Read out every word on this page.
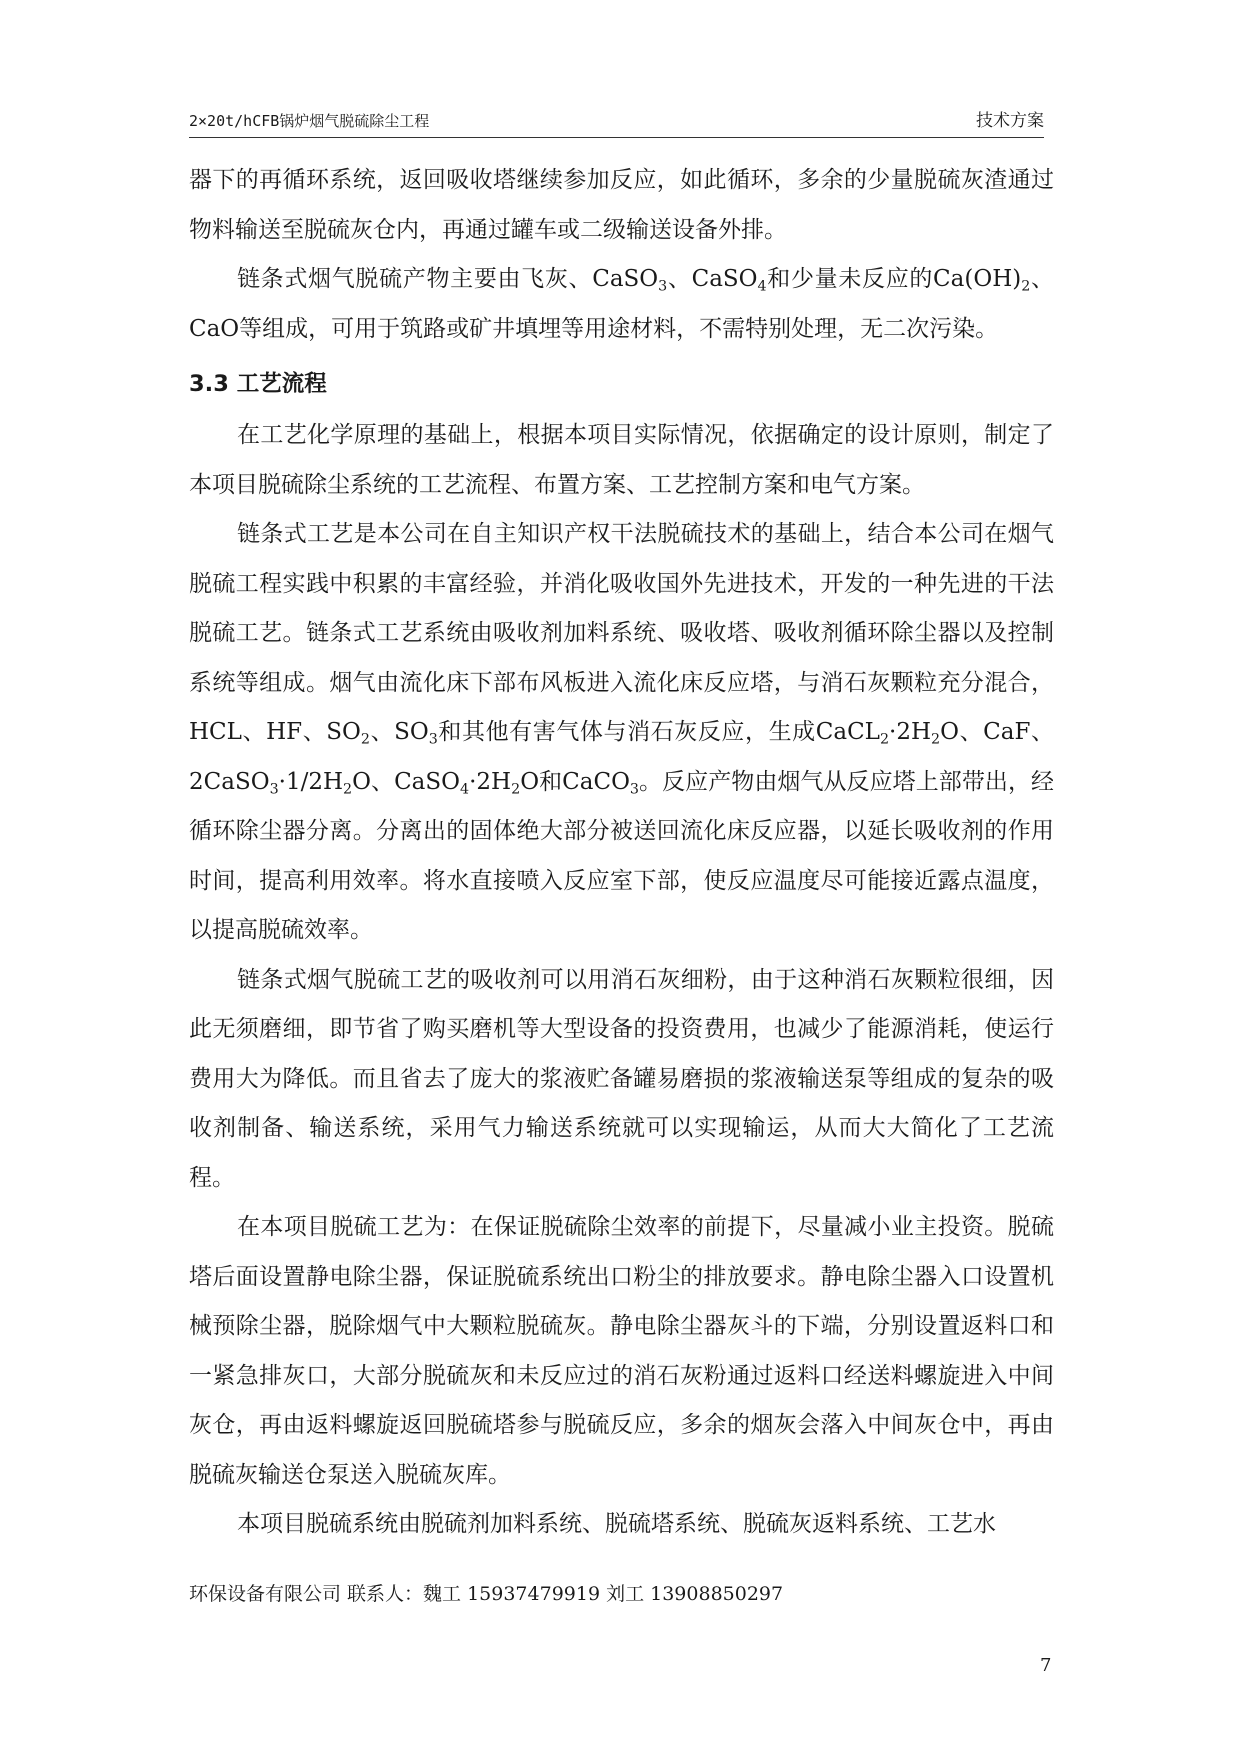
2×20t/hCFB锅炉烟气脱硫除尘工程	技术方案

器下的再循环系统，返回吸收塔继续参加反应，如此循环，多余的少量脱硫灰渣通过物料输送至脱硫灰仓内，再通过罐车或二级输送设备外排。

链条式烟气脱硫产物主要由飞灰、CaSO$_3$、CaSO$_4$和少量未反应的$Ca(OH)_2$、CaO等组成，可用于筑路或矿井填埋等用途材料，不需特别处理，无二次污染。

3.3 工艺流程

在工艺化学原理的基础上，根据本项目实际情况，依据确定的设计原则，制定了本项目脱硫除尘系统的工艺流程、布置方案、工艺控制方案和电气方案。

链条式工艺是本公司在自主知识产权干法脱硫技术的基础上，结合本公司在烟气脱硫工程实践中积累的丰富经验，并消化吸收国外先进技术，开发的一种先进的干法脱硫工艺。链条式工艺系统由吸收剂加料系统、吸收塔、吸收剂循环除尘器以及控制系统等组成。烟气由流化床下部布风板进入流化床反应塔，与消石灰颗粒充分混合，HCL、HF、$SO_2$、$SO_3$和其他有害气体与消石灰反应，生成$CaCL_2\cdot 2H_2O$、CaF、$2CaSO_3\cdot 1/2H_2O$、$CaSO_4\cdot 2H_2O$和CaCO$_3$。反应产物由烟气从反应塔上部带出，经循环除尘器分离。分离出的固体绝大部分被送回流化床反应器，以延长吸收剂的作用时间，提高利用效率。将水直接喷入反应室下部，使反应温度尽可能接近露点温度，以提高脱硫效率。

链条式烟气脱硫工艺的吸收剂可以用消石灰细粉，由于这种消石灰颗粒很细，因此无须磨细，即节省了购买磨机等大型设备的投资费用，也减少了能源消耗，使运行费用大为降低。而且省去了庞大的浆液贮备罐易磨损的浆液输送泵等组成的复杂的吸收剂制备、输送系统，采用气力输送系统就可以实现输运，从而大大简化了工艺流程。

在本项目脱硫工艺为：在保证脱硫除尘效率的前提下，尽量减小业主投资。脱硫塔后面设置静电除尘器，保证脱硫系统出口粉尘的排放要求。静电除尘器入口设置机械预除尘器，脱除烟气中大颗粒脱硫灰。静电除尘器灰斗的下端，分别设置返料口和一紧急排灰口，大部分脱硫灰和未反应过的消石灰粉通过返料口经送料螺旋进入中间灰仓，再由返料螺旋返回脱硫塔参与脱硫反应，多余的烟灰会落入中间灰仓中，再由脱硫灰输送仓泵送入脱硫灰库。

本项目脱硫系统由脱硫剂加料系统、脱硫塔系统、脱硫灰返料系统、工艺水

环保设备有限公司 联系人：魏工 15937479919 刘工 13908850297
7
